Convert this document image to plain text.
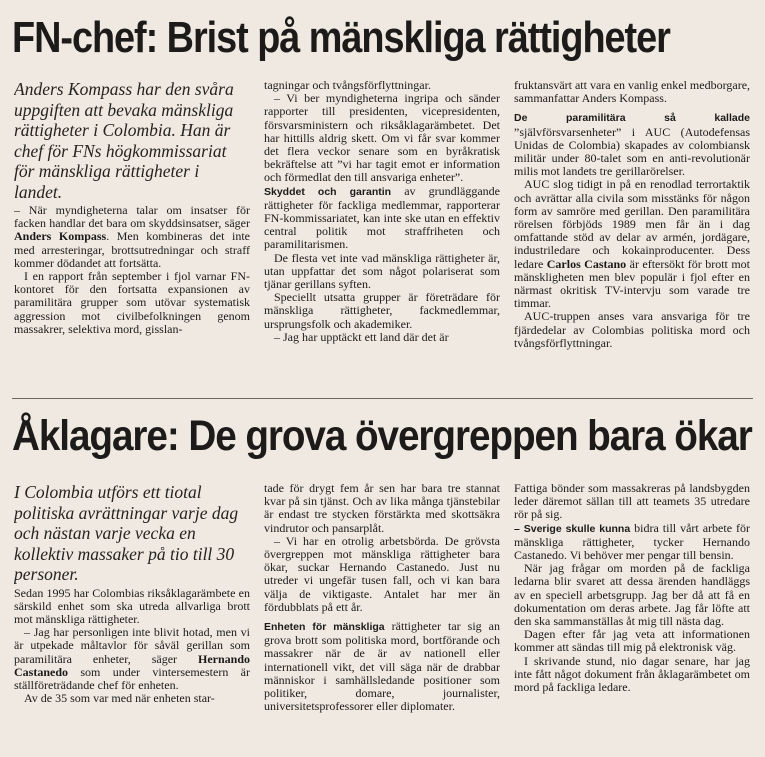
FN-chef: Brist på mänskliga rättigheter

Anders Kompass har den svåra uppgiften att bevaka mänskliga rättigheter i Colombia. Han är chef för FNs högkommissariat för mänskliga rättigheter i landet.

– När myndigheterna talar om insatser för facken handlar det bara om skyddsinsatser, säger Anders Kompass. Men kombineras det inte med arresteringar, brottsutredningar och straff kommer dödandet att fortsätta.

I en rapport från september i fjol varnar FN-kontoret för den fortsatta expansionen av paramilitära grupper som utövar systematisk aggression mot civilbefolkningen genom massakrer, selektiva mord, gisslan-

tagningar och tvångsförflyttningar.

– Vi ber myndigheterna ingripa och sänder rapporter till presidenten, vicepresidenten, försvarsministern och riksåklagarämbetet. Det har hittills aldrig skett. Om vi får svar kommer det flera veckor senare som en byråkratisk bekräftelse att ”vi har tagit emot er information och förmedlat den till ansvariga enheter”.

Skyddet och garantin av grundläggande rättigheter för fackliga medlemmar, rapporterar FN-kommissariatet, kan inte ske utan en effektiv central politik mot straffriheten och paramilitarismen.

De flesta vet inte vad mänskliga rättigheter är, utan uppfattar det som något polariserat som tjänar gerillans syften.

Speciellt utsatta grupper är företrädare för mänskliga rättigheter, fackmedlemmar, ursprungsfolk och akademiker.

– Jag har upptäckt ett land där det är

fruktansvärt att vara en vanlig enkel medborgare, sammanfattar Anders Kompass.

De paramilitära så kallade ”självförsvarsenheter” i AUC (Autodefensas Unidas de Colombia) skapades av colombiansk militär under 80-talet som en anti-revolutionär milis mot landets tre gerillarörelser.

AUC slog tidigt in på en renodlad terrortaktik och avrättar alla civila som misstänks för någon form av samröre med gerillan. Den paramilitära rörelsen förbjöds 1989 men får än i dag omfattande stöd av delar av armén, jordägare, industriledare och kokainproducenter. Dess ledare Carlos Castano är eftersökt för brott mot mänskligheten men blev populär i fjol efter en närmast okritisk TV-intervju som varade tre timmar.

AUC-truppen anses vara ansvariga för tre fjärdedelar av Colombias politiska mord och tvångsförflyttningar.

Åklagare: De grova övergreppen bara ökar

I Colombia utförs ett tiotal politiska avrättningar varje dag och nästan varje vecka en kollektiv massaker på tio till 30 personer.

Sedan 1995 har Colombias riksåklagarämbete en särskild enhet som ska utreda allvarliga brott mot mänskliga rättigheter.

– Jag har personligen inte blivit hotad, men vi är utpekade måltavlor för såväl gerillan som paramilitära enheter, säger Hernando Castanedo som under vintersemestern är ställföreträdande chef för enheten.

Av de 35 som var med när enheten star-

tade för drygt fem år sen har bara tre stannat kvar på sin tjänst. Och av lika många tjänstebilar är endast tre stycken förstärkta med skottsäkra vindrutor och pansarplåt.

– Vi har en otrolig arbetsbörda. De grövsta övergreppen mot mänskliga rättigheter bara ökar, suckar Hernando Castanedo. Just nu utreder vi ungefär tusen fall, och vi kan bara välja de viktigaste. Antalet har mer än fördubblats på ett år.

Enheten för mänskliga rättigheter tar sig an grova brott som politiska mord, bortförande och massakrer när de är av nationell eller internationell vikt, det vill säga när de drabbar människor i samhällsledande positioner som politiker, domare, journalister, universitetsprofessorer eller diplomater.

Fattiga bönder som massakreras på landsbygden leder däremot sällan till att teamets 35 utredare rör på sig.

– Sverige skulle kunna bidra till vårt arbete för mänskliga rättigheter, tycker Hernando Castanedo. Vi behöver mer pengar till bensin.

När jag frågar om morden på de fackliga ledarna blir svaret att dessa ärenden handläggs av en speciell arbetsgrupp. Jag ber då att få en dokumentation om deras arbete. Jag får löfte att den ska sammanställas åt mig till nästa dag.

Dagen efter får jag veta att informationen kommer att sändas till mig på elektronisk väg.

I skrivande stund, nio dagar senare, har jag inte fått något dokument från åklagarämbetet om mord på fackliga ledare.
